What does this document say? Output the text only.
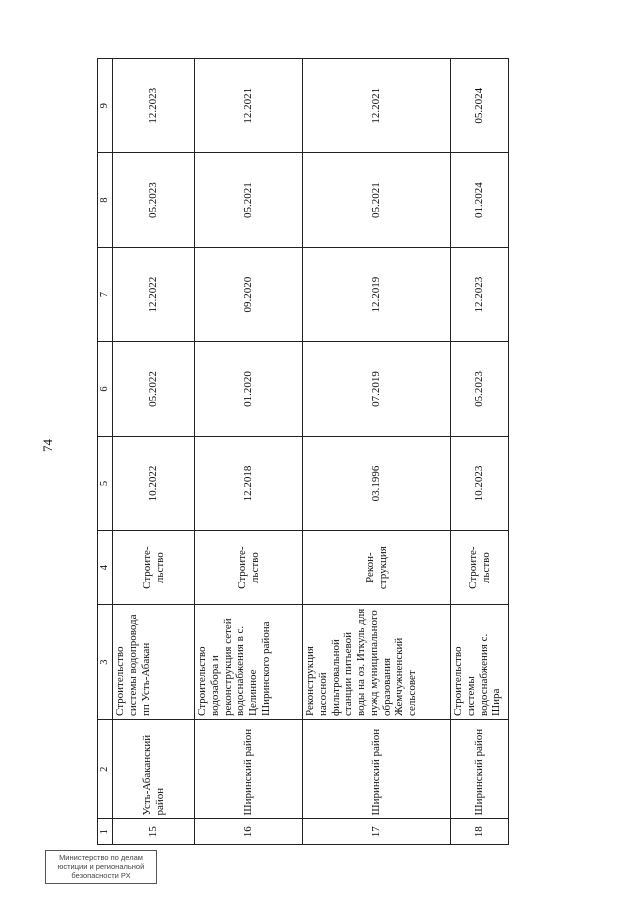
74
1	2	3	4	5	6	7	8	9
15	Усть-Абаканский район	Строительство системы водопровода пп Усть-Абакан	Строите-льство	10.2022	05.2022	12.2022	05.2023	12.2023
16	Ширинский район	Строительство водозабора и реконструкция сетей водоснабжения в с. Целинное Ширинского района	Строите-льство	12.2018	01.2020	09.2020	05.2021	12.2021
17	Ширинский район	Реконструкция насосной фильтровальной станции питьевой воды на оз. Иткуль для нужд муниципального образования Жемчужненский сельсовет	Рекон-струкция	03.1996	07.2019	12.2019	05.2021	12.2021
18	Ширинский район	Строительство системы водоснабжения с. Шира	Строите-льство	10.2023	05.2023	12.2023	01.2024	05.2024
Министерство по делам юстиции и региональной безопасности РХ
